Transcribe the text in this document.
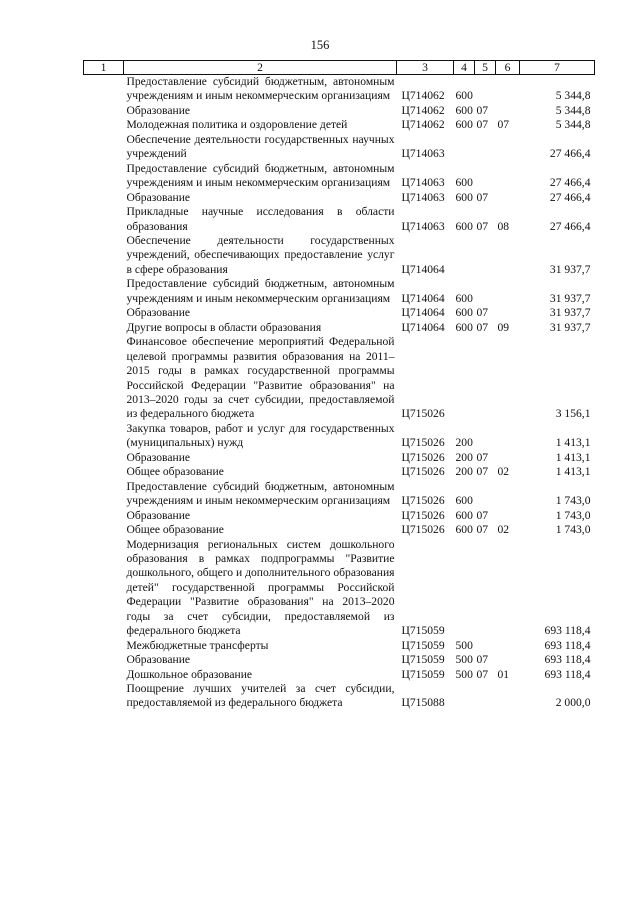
156
1	2	3	4	5	6	7
	Предоставление субсидий бюджетным, автономным учреждениям и иным некоммерческим организациям	Ц714062	600			5 344,8
	Образование	Ц714062	600	07		5 344,8
	Молодежная политика и оздоровление детей	Ц714062	600	07	07	5 344,8
	Обеспечение деятельности государственных научных учреждений	Ц714063				27 466,4
	Предоставление субсидий бюджетным, автономным учреждениям и иным некоммерческим организациям	Ц714063	600			27 466,4
	Образование	Ц714063	600	07		27 466,4
	Прикладные научные исследования в области образования	Ц714063	600	07	08	27 466,4
	Обеспечение деятельности государственных учреждений, обеспечивающих предоставление услуг в сфере образования	Ц714064				31 937,7
	Предоставление субсидий бюджетным, автономным учреждениям и иным некоммерческим организациям	Ц714064	600			31 937,7
	Образование	Ц714064	600	07		31 937,7
	Другие вопросы в области образования	Ц714064	600	07	09	31 937,7
	Финансовое обеспечение мероприятий Федеральной целевой программы развития образования на 2011–2015 годы в рамках государственной программы Российской Федерации "Развитие образования" на 2013–2020 годы за счет субсидии, предоставляемой из федерального бюджета	Ц715026				3 156,1
	Закупка товаров, работ и услуг для государственных (муниципальных) нужд	Ц715026	200			1 413,1
	Образование	Ц715026	200	07		1 413,1
	Общее образование	Ц715026	200	07	02	1 413,1
	Предоставление субсидий бюджетным, автономным учреждениям и иным некоммерческим организациям	Ц715026	600			1 743,0
	Образование	Ц715026	600	07		1 743,0
	Общее образование	Ц715026	600	07	02	1 743,0
	Модернизация региональных систем дошкольного образования в рамках подпрограммы "Развитие дошкольного, общего и дополнительного образования детей" государственной программы Российской Федерации "Развитие образования" на 2013–2020 годы за счет субсидии, предоставляемой из федерального бюджета	Ц715059				693 118,4
	Межбюджетные трансферты	Ц715059	500			693 118,4
	Образование	Ц715059	500	07		693 118,4
	Дошкольное образование	Ц715059	500	07	01	693 118,4
	Поощрение лучших учителей за счет субсидии, предоставляемой из федерального бюджета	Ц715088				2 000,0
